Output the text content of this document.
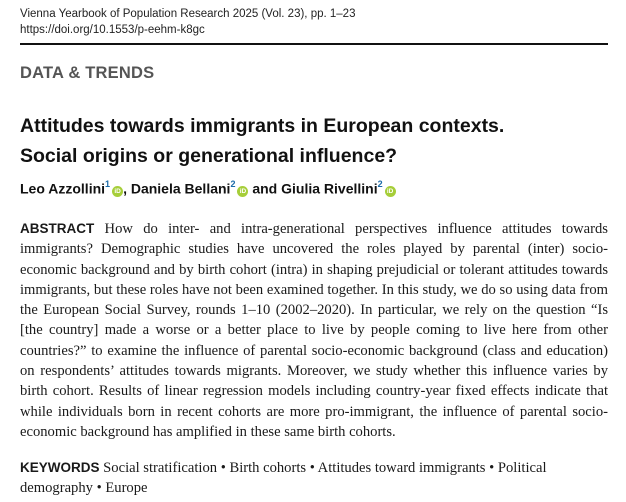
Vienna Yearbook of Population Research 2025 (Vol. 23), pp. 1–23
https://doi.org/10.1553/p-eehm-k8gc
DATA & TRENDS
Attitudes towards immigrants in European contexts.
Social origins or generational influence?
Leo Azzollini$^1$iD , Daniela Bellani$^2$iD and Giulia Rivellini$^2$iD

ABSTRACT How do inter- and intra-generational perspectives influence attitudes towards immigrants? Demographic studies have uncovered the roles played by parental (inter) socio-economic background and by birth cohort (intra) in shaping prejudicial or tolerant attitudes towards immigrants, but these roles have not been examined together. In this study, we do so using data from the European Social Survey, rounds 1–10 (2002–2020). In particular, we rely on the question “Is [the country] made a worse or a better place to live by people coming to live here from other countries?” to examine the influence of parental socio-economic background (class and education) on respondents’ attitudes towards migrants. Moreover, we study whether this influence varies by birth cohort. Results of linear regression models including country-year fixed effects indicate that while individuals born in recent cohorts are more pro-immigrant, the influence of parental socio-economic background has amplified in these same birth cohorts.

KEYWORDS Social stratification • Birth cohorts • Attitudes toward immigrants • Political demography • Europe
